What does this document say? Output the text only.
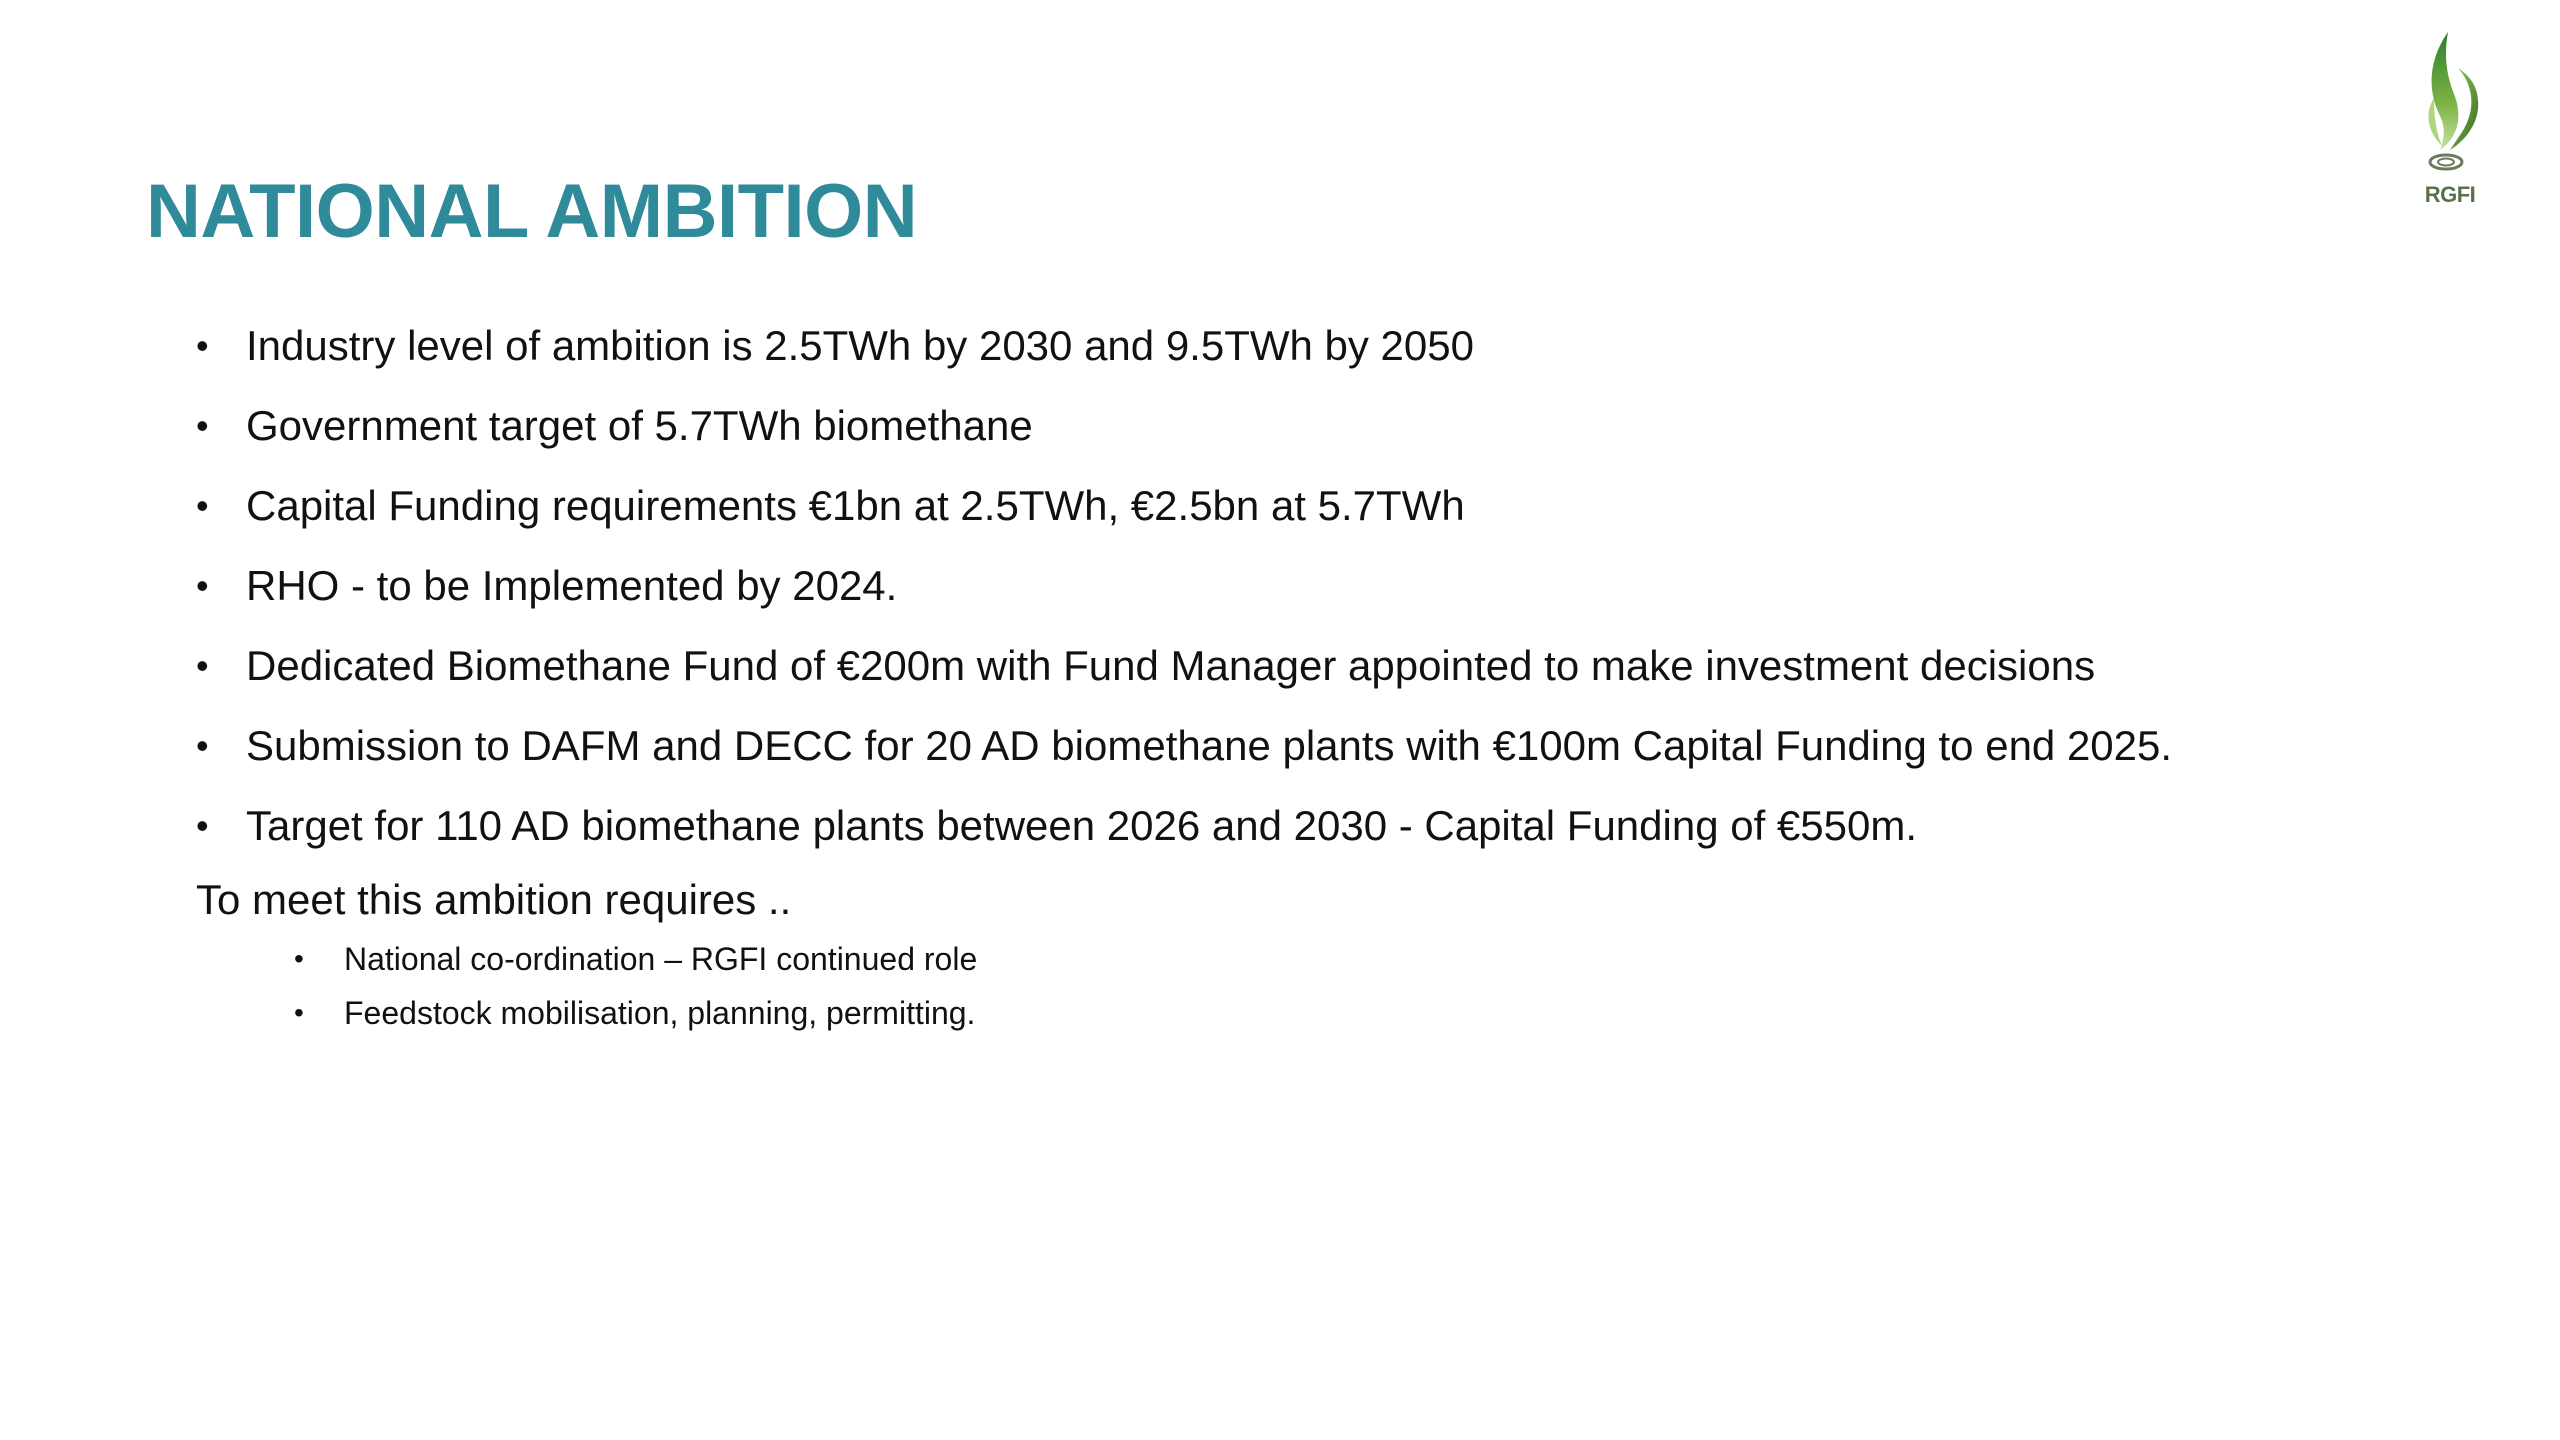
RGFI
NATIONAL AMBITION
• Industry level of ambition is 2.5TWh by 2030 and 9.5TWh by 2050
• Government target of 5.7TWh biomethane
• Capital Funding requirements €1bn at 2.5TWh, €2.5bn at 5.7TWh
• RHO - to be Implemented by 2024.
• Dedicated Biomethane Fund of €200m with Fund Manager appointed to make investment decisions
• Submission to DAFM and DECC for 20 AD biomethane plants with €100m Capital Funding to end 2025.
• Target for 110 AD biomethane plants between 2026 and 2030 - Capital Funding of €550m.

To meet this ambition requires ..

• National co-ordination – RGFI continued role
• Feedstock mobilisation, planning, permitting.
